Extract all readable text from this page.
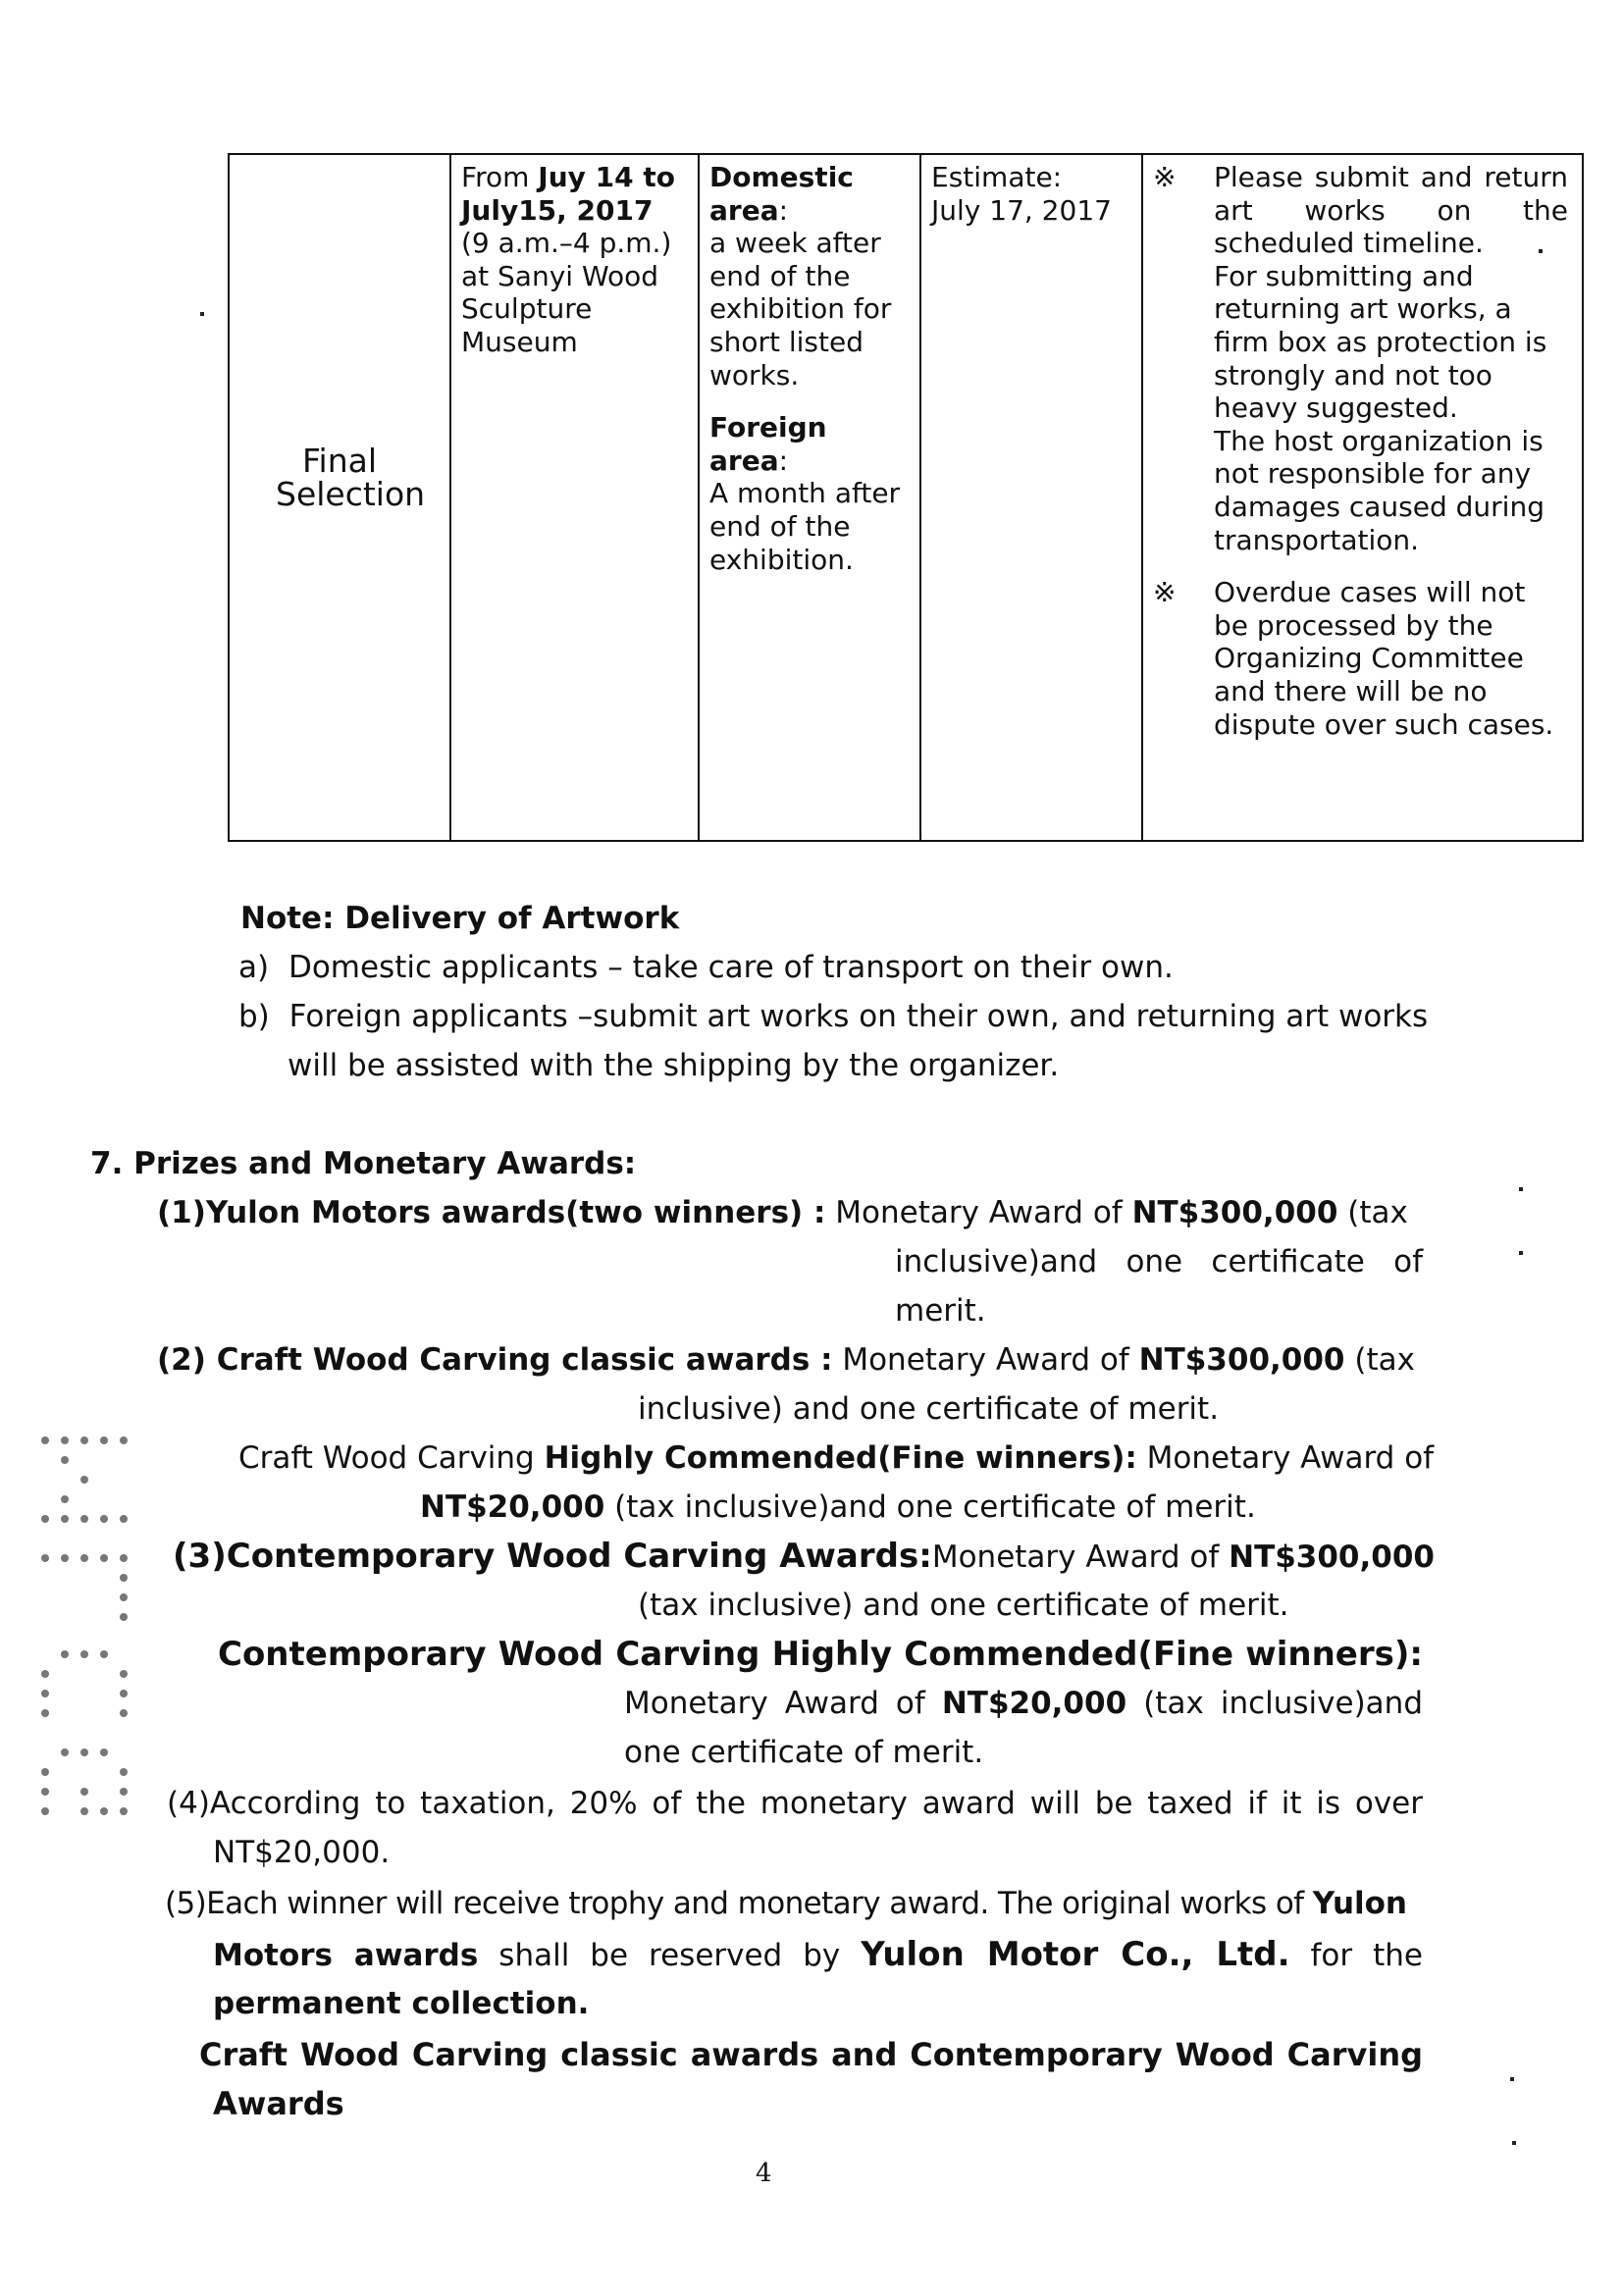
Final Selection	From Juy 14 to July15, 2017
(9 a.m.–4 p.m.)
at Sanyi Wood Sculpture Museum	Domestic area:
a week after end of the exhibition for short listed works.
Foreign area:
A month after end of the exhibition.	Estimate:
July 17, 2017	
※	Please submit and return art works on the scheduled timeline.
For submitting and returning art works, a firm box as protection is strongly and not too heavy suggested.
The host organization is not responsible for any damages caused during transportation.
※	Overdue cases will not be processed by the Organizing Committee and there will be no dispute over such cases.
Note: Delivery of Artwork
a) Domestic applicants – take care of transport on their own.
b) Foreign applicants –submit art works on their own, and returning art works
will be assisted with the shipping by the organizer.
7. Prizes and Monetary Awards:
(1)Yulon Motors awards(two winners) : Monetary Award of NT$300,000 (tax
inclusive)and one certificate of
merit.
(2) Craft Wood Carving classic awards : Monetary Award of NT$300,000 (tax
inclusive) and one certificate of merit.
Craft Wood Carving Highly Commended(Fine winners): Monetary Award of
NT$20,000 (tax inclusive)and one certificate of merit.
(3)Contemporary Wood Carving Awards:Monetary Award of NT$300,000
(tax inclusive) and one certificate of merit.
Contemporary Wood Carving Highly Commended(Fine winners):
Monetary Award of NT$20,000 (tax inclusive)and
one certificate of merit.
(4)According to taxation, 20% of the monetary award will be taxed if it is over
NT$20,000.
(5)Each winner will receive trophy and monetary award. The original works of Yulon
Motors awards shall be reserved by Yulon Motor Co., Ltd. for the
permanent collection.
Craft Wood Carving classic awards and Contemporary Wood Carving
Awards
4
